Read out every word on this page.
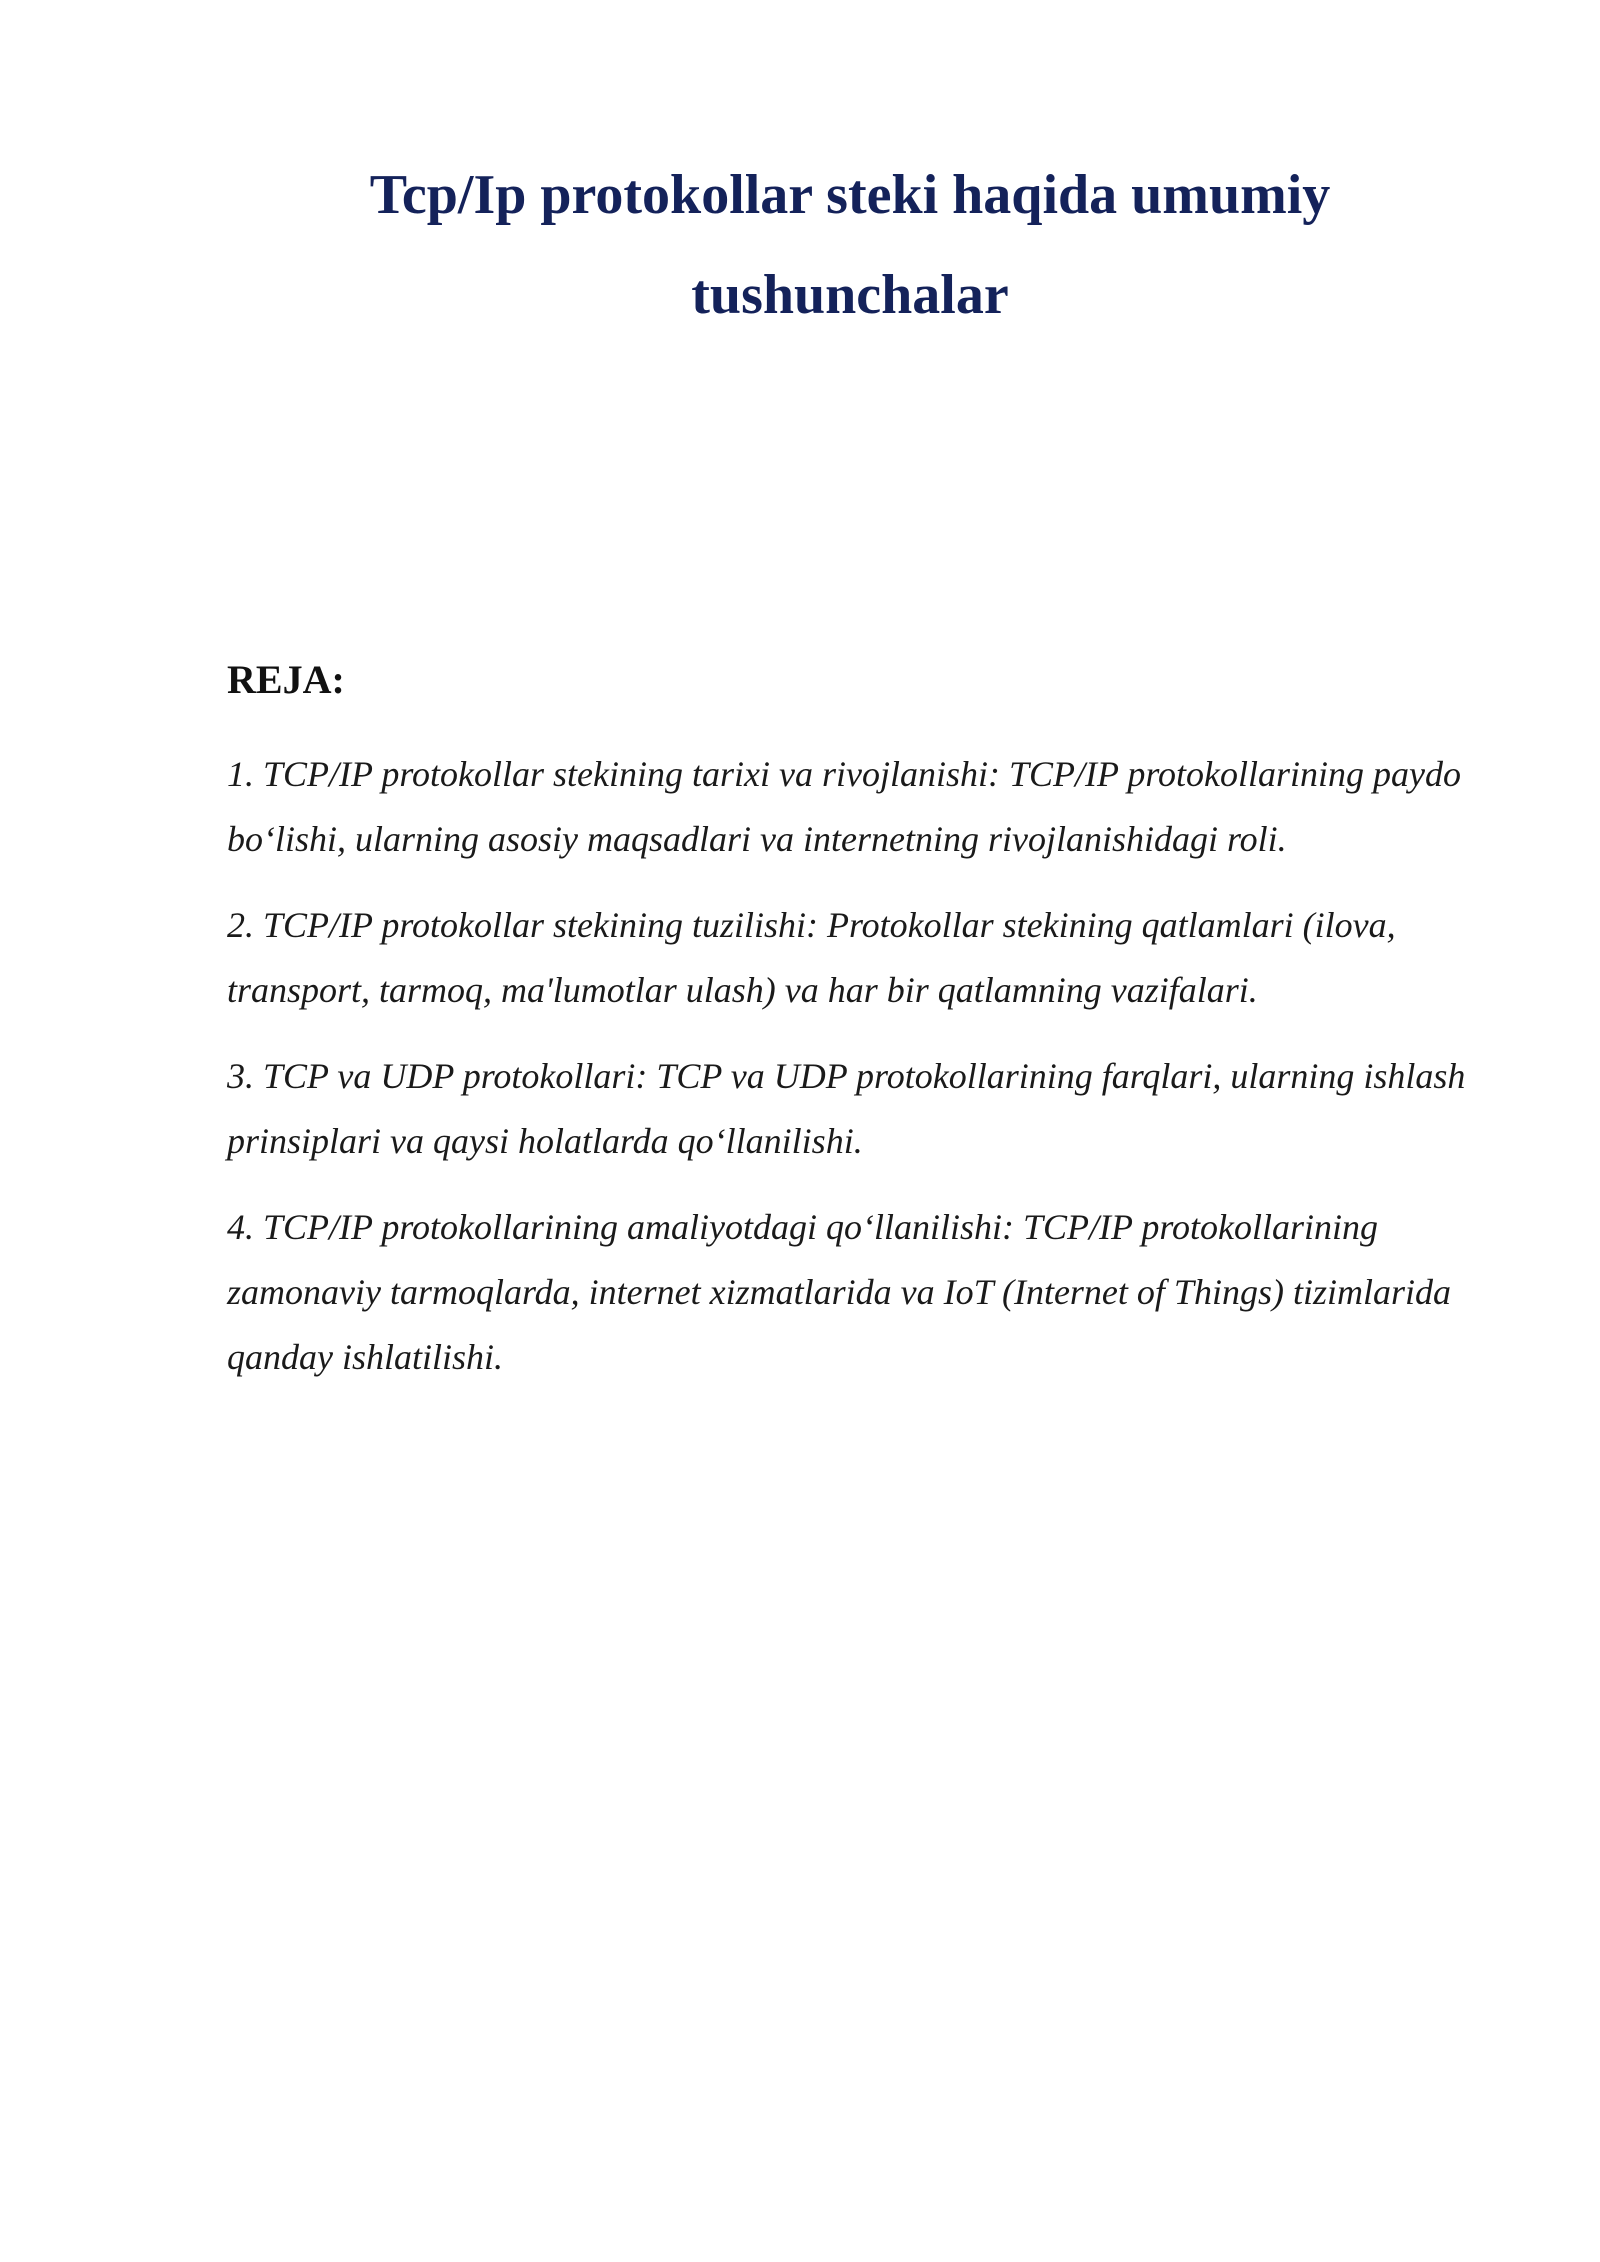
Tcp/Ip protokollar steki haqida umumiy
tushunchalar
REJA:
1. TCP/IP protokollar stekining tarixi va rivojlanishi: TCP/IP protokollarining paydo bo‘lishi, ularning asosiy maqsadlari va internetning rivojlanishidagi roli.
2. TCP/IP protokollar stekining tuzilishi: Protokollar stekining qatlamlari (ilova, transport, tarmoq, ma'lumotlar ulash) va har bir qatlamning vazifalari.
3. TCP va UDP protokollari: TCP va UDP protokollarining farqlari, ularning ishlash prinsiplari va qaysi holatlarda qo‘llanilishi.
4. TCP/IP protokollarining amaliyotdagi qo‘llanilishi: TCP/IP protokollarining zamonaviy tarmoqlarda, internet xizmatlarida va IoT (Internet of Things) tizimlarida qanday ishlatilishi.
